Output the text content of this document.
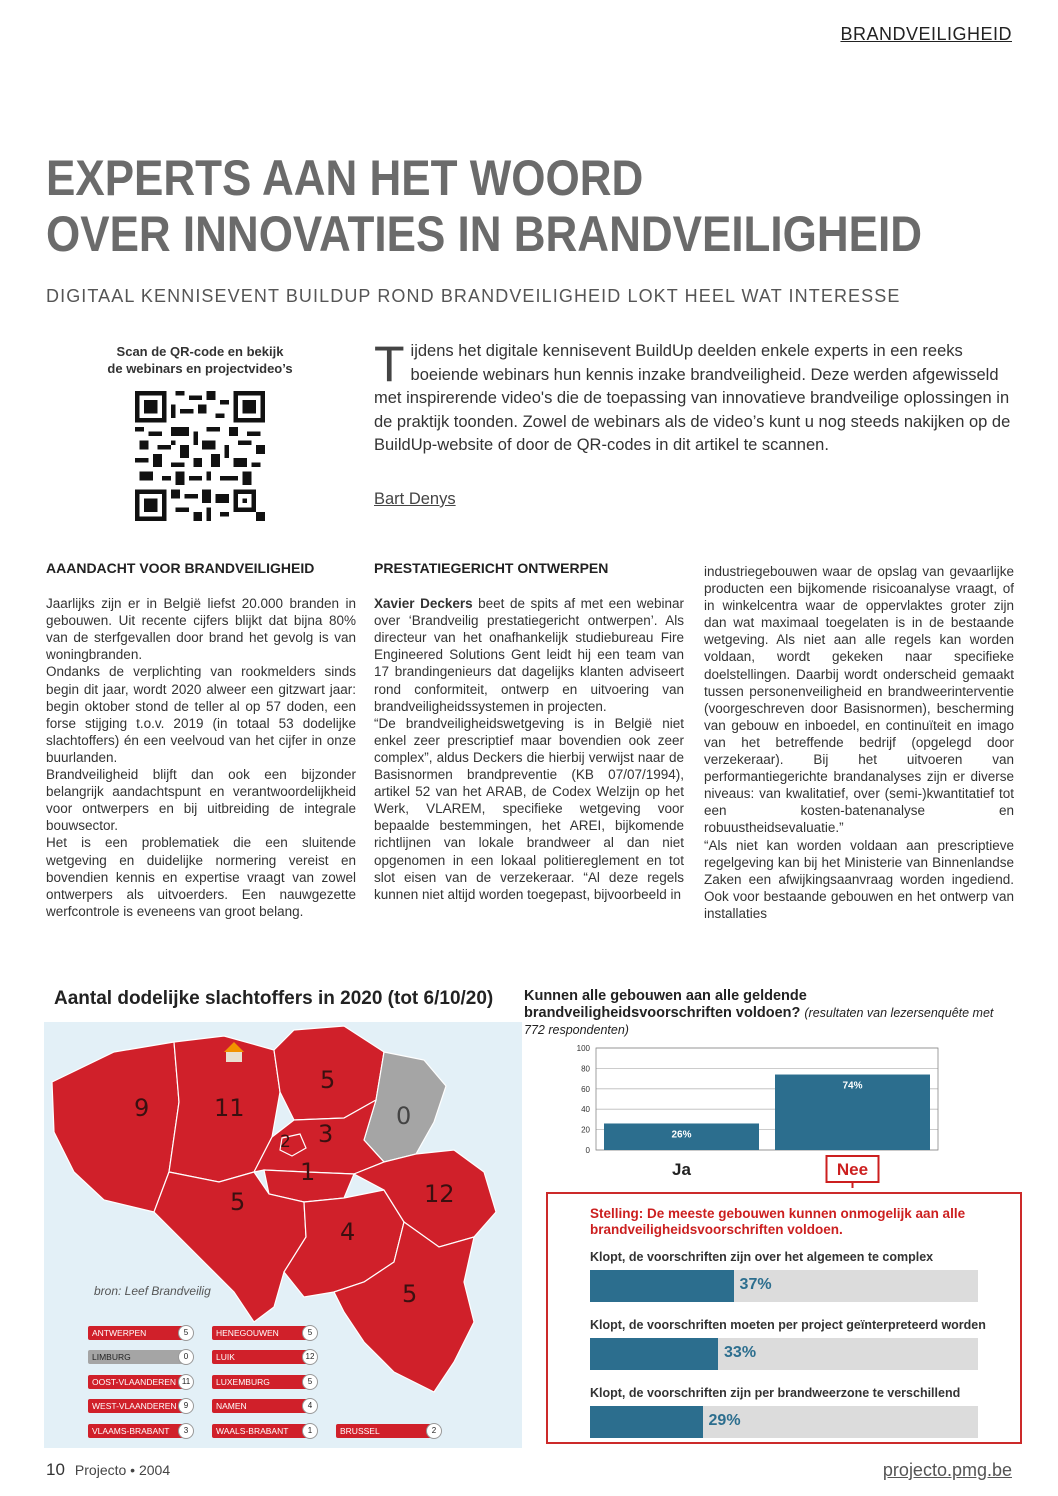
BRANDVEILIGHEID
EXPERTS AAN HET WOORD
OVER INNOVATIES IN BRANDVEILIGHEID
DIGITAAL KENNISEVENT BUILDUP ROND BRANDVEILIGHEID LOKT HEEL WAT INTERESSE
Scan de QR-code en bekijk
de webinars en projectvideo’s	Tijdens het digitale kennisevent BuildUp deelden enkele experts in een reeks boeiende webinars hun kennis inzake brandveiligheid. Deze werden afgewisseld met inspirerende video's die de toepassing van innovatieve brandveilige oplossingen in de praktijk toonden. Zowel de webinars als de video’s kunt u nog steeds nakijken op de BuildUp-website of door de QR-codes in dit artikel te scannen.
Bart Denys
AAANDACHT VOOR BRANDVEILIGHEID

Jaarlijks zijn er in België liefst 20.000 branden in gebouwen. Uit recente cijfers blijkt dat bijna 80% van de sterfgevallen door brand het gevolg is van woningbranden.

Ondanks de verplichting van rookmelders sinds begin dit jaar, wordt 2020 alweer een gitzwart jaar: begin oktober stond de teller al op 57 doden, een forse stijging t.o.v. 2019 (in totaal 53 dodelijke slachtoffers) én een veelvoud van het cijfer in onze buurlanden.

Brandveiligheid blijft dan ook een bijzonder belangrijk aandachtspunt en verantwoordelijkheid voor ontwerpers en bij uitbreiding de integrale bouwsector.

Het is een problematiek die een sluitende wetgeving en duidelijke normering vereist en bovendien kennis en expertise vraagt van zowel ontwerpers als uitvoerders. Een nauwgezette werfcontrole is eveneens van groot belang.

PRESTATIEGERICHT ONTWERPEN

Xavier Deckers beet de spits af met een webinar over ‘Brandveilig prestatiegericht ontwerpen’. Als directeur van het onafhankelijk studiebureau Fire Engineered Solutions Gent leidt hij een team van 17 brandingenieurs dat dagelijks klanten adviseert rond conformiteit, ontwerp en uitvoering van brandveiligheidssystemen in projecten.

“De brandveiligheidswetgeving is in België niet enkel zeer prescriptief maar bovendien ook zeer complex”, aldus Deckers die hierbij verwijst naar de Basisnormen brandpreventie (KB 07/07/1994), artikel 52 van het ARAB, de Codex Welzijn op het Werk, VLAREM, specifieke wetgeving voor bepaalde bestemmingen, het AREI, bijkomende richtlijnen van lokale brandweer al dan niet opgenomen in een lokaal politiereglement en tot slot eisen van de verzekeraar. “Al deze regels kunnen niet altijd worden toegepast, bijvoorbeeld in

industriegebouwen waar de opslag van gevaarlijke producten een bijkomende risicoanalyse vraagt, of in winkelcentra waar de oppervlaktes groter zijn dan wat maximaal toegelaten is in de bestaande wetgeving. Als niet aan alle regels kan worden voldaan, wordt gekeken naar specifieke doelstellingen. Daarbij wordt onderscheid gemaakt tussen personenveiligheid en brandweerinterventie (voorgeschreven door Basisnormen), bescherming van gebouw en inboedel, en continuïteit en imago van het betreffende bedrijf (opgelegd door verzekeraar). Bij het uitvoeren van performantiegerichte brandanalyses zijn er diverse niveaus: van kwalitatief, over (semi-)kwantitatief tot een kosten-batenanalyse en robuustheidsevaluatie.”

“Als niet kan worden voldaan aan prescriptieve regelgeving kan bij het Ministerie van Binnenlandse Zaken een afwijkingsaanvraag worden ingediend. Ook voor bestaande gebouwen en het ontwerp van installaties

Aantal dodelijke slachtoffers in 2020 (tot 6/10/20)
9	11
5
0
3
2
1
5	12
4
5
bron: Leef Brandveilig
ANTWERPEN	5
LIMBURG	0
OOST-VLAANDEREN 11
WEST-VLAANDEREN 9
VLAAMS-BRABANT	3
HENEGOUWEN	5
LUIK	12
LUXEMBURG	5
NAMEN	4
WAALS-BRABANT	1	BRUSSEL	2
Kunnen alle gebouwen aan alle geldende brandveiligheidsvoorschriften voldoen? (resultaten van lezersenquête met 772 respondenten)
0
20
40
60
80
100
26%
Ja
74%
Nee
Stelling: De meeste gebouwen kunnen onmogelijk aan alle brandveiligheidsvoorschriften voldoen.
Klopt, de voorschriften zijn over het algemeen te complex
37%
Klopt, de voorschriften moeten per project geïnterpreteerd worden
33%
Klopt, de voorschriften zijn per brandweerzone te verschillend
29%
10 Projecto • 2004	projecto.pmg.be
